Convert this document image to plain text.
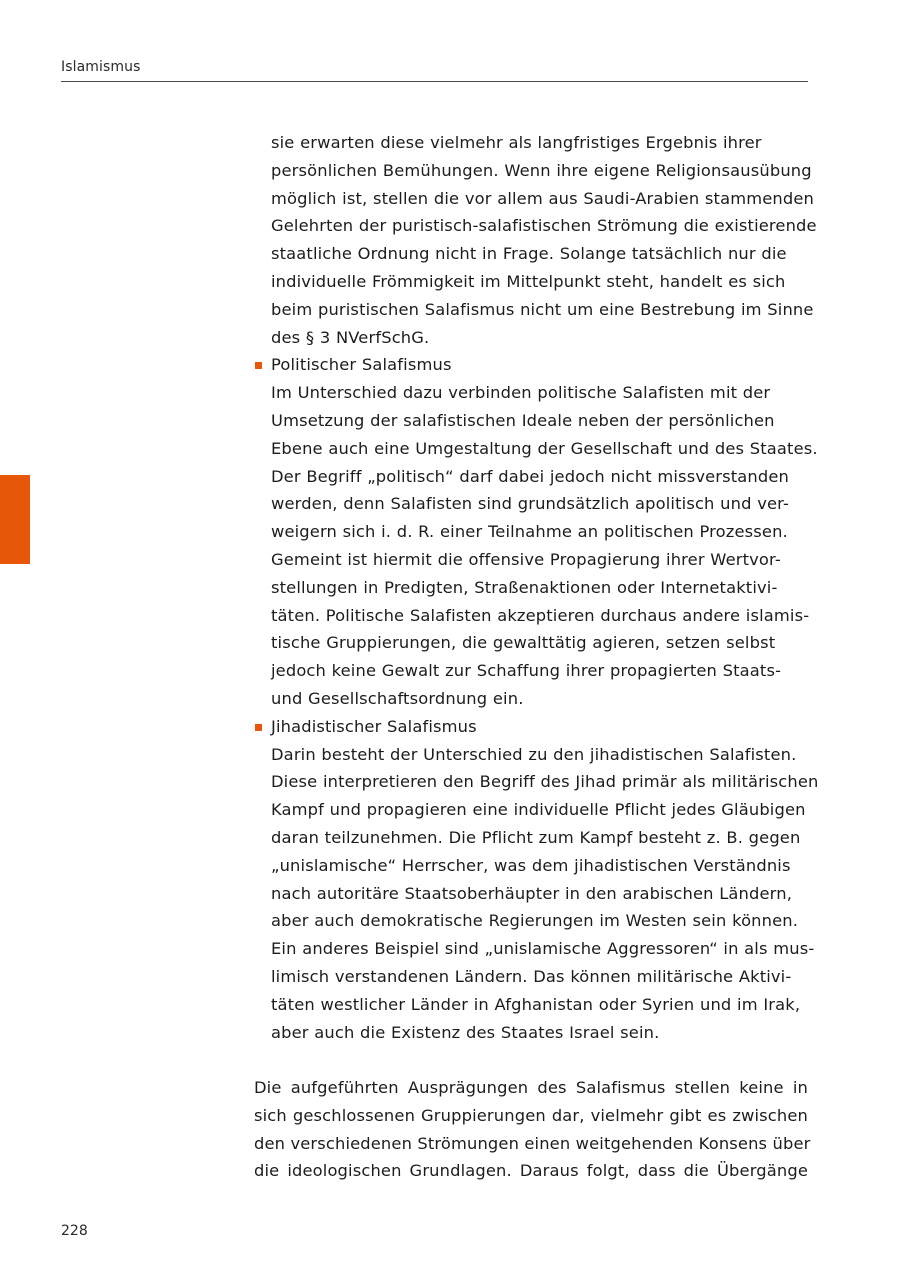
Islamismus
sie erwarten diese vielmehr als langfristiges Ergebnis ihrer
persönlichen Bemühungen. Wenn ihre eigene Religionsausübung
möglich ist, stellen die vor allem aus Saudi-Arabien stammenden
Gelehrten der puristisch-salafistischen Strömung die existierende
staatliche Ordnung nicht in Frage. Solange tatsächlich nur die
individuelle Frömmigkeit im Mittelpunkt steht, handelt es sich
beim puristischen Salafismus nicht um eine Bestrebung im Sinne
des § 3 NVerfSchG.
Politischer Salafismus
Im Unterschied dazu verbinden politische Salafisten mit der
Umsetzung der salafistischen Ideale neben der persönlichen
Ebene auch eine Umgestaltung der Gesellschaft und des Staates.
Der Begriff „politisch“ darf dabei jedoch nicht missverstanden
werden, denn Salafisten sind grundsätzlich apolitisch und ver-
weigern sich i. d. R. einer Teilnahme an politischen Prozessen.
Gemeint ist hiermit die offensive Propagierung ihrer Wertvor-
stellungen in Predigten, Straßenaktionen oder Internetaktivi-
täten. Politische Salafisten akzeptieren durchaus andere islamis-
tische Gruppierungen, die gewalttätig agieren, setzen selbst
jedoch keine Gewalt zur Schaffung ihrer propagierten Staats-
und Gesellschaftsordnung ein.
Jihadistischer Salafismus
Darin besteht der Unterschied zu den jihadistischen Salafisten.
Diese interpretieren den Begriff des Jihad primär als militärischen
Kampf und propagieren eine individuelle Pflicht jedes Gläubigen
daran teilzunehmen. Die Pflicht zum Kampf besteht z. B. gegen
„unislamische“ Herrscher, was dem jihadistischen Verständnis
nach autoritäre Staatsoberhäupter in den arabischen Ländern,
aber auch demokratische Regierungen im Westen sein können.
Ein anderes Beispiel sind „unislamische Aggressoren“ in als mus-
limisch verstandenen Ländern. Das können militärische Aktivi-
täten westlicher Länder in Afghanistan oder Syrien und im Irak,
aber auch die Existenz des Staates Israel sein.
Die aufgeführten Ausprägungen des Salafismus stellen keine in
sich geschlossenen Gruppierungen dar, vielmehr gibt es zwischen
den verschiedenen Strömungen einen weitgehenden Konsens über
die ideologischen Grundlagen. Daraus folgt, dass die Übergänge
228
